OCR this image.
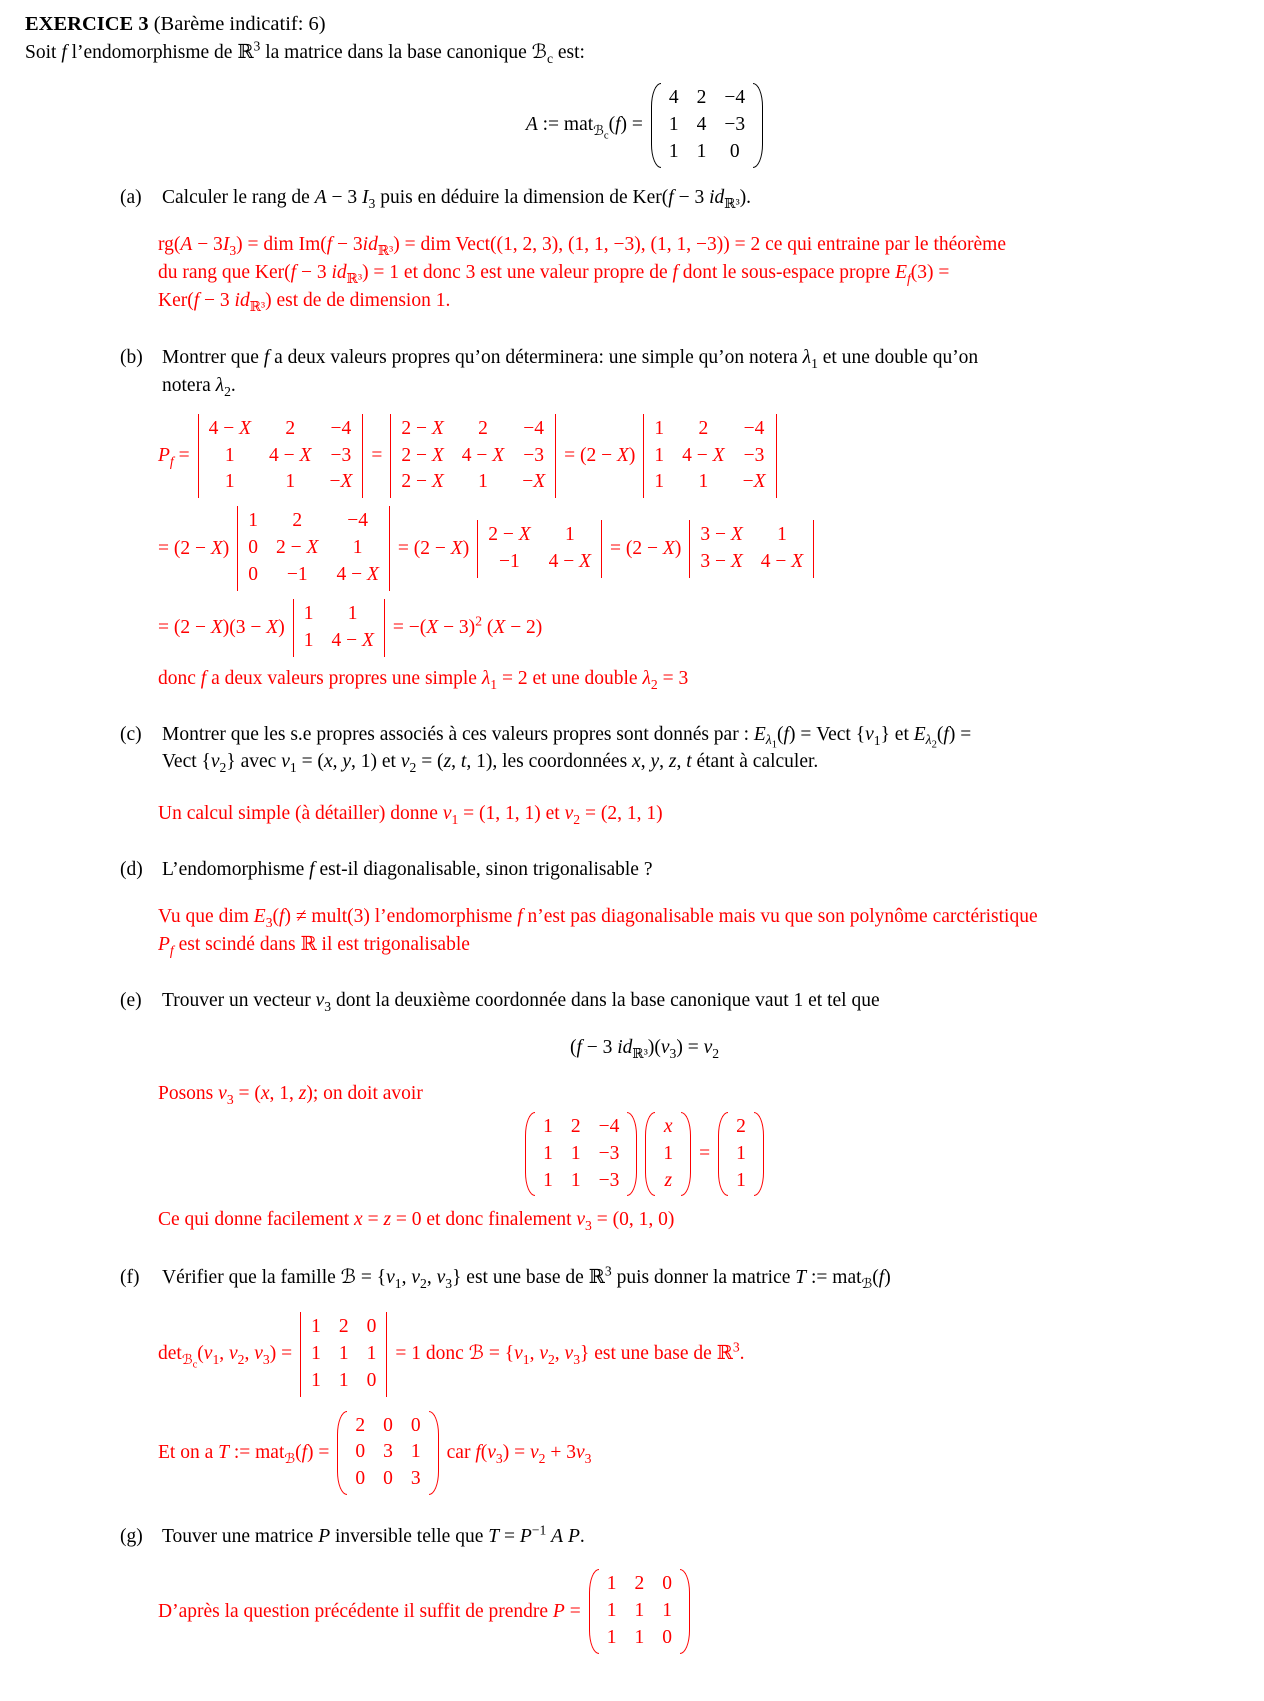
EXERCICE 3 (Barème indicatif: 6)
Soit f l’endomorphisme de ℝ$^3$ la matrice dans la base canonique ℬ$_c$ est:
A := mat$_{ℬ_c}$(f) =
4 2 −4
1 4 −3
1 1 0
(a)	Calculer le rang de A − 3 $I_3$ puis en déduire la dimension de Ker(f − 3 $id_{ℝ^3}$).
$rg(A - 3I_3)$ = dim $Im(f - 3id_{ℝ^3})$ = dim Vect((1, 2, 3), (1, 1, −3), (1, 1, −3)) = 2 ce qui entraine par le théorème
du rang que Ker(f − 3 $id_{ℝ^3}) = 1$ et donc 3 est une valeur propre de f dont le sous-espace propre $E_f(3)$ =
Ker(f − 3 $id_{ℝ^3}$) est de de dimension 1.
(b) Montrer que f a deux valeurs propres qu’on déterminera: une simple qu’on notera $\lambda_1$ et une double qu’on
notera $\lambda_2$.
$P_f$ =
4 − X 2 −4
1 4 − X −3
1	1 −X
=
2 − X 2 −4
2 − X 4 − X −3
2 − X 1 −X
= (2 − X)
1 2 −4
1 4 − X −3
1 1 −X
= (2 − X)
1 2 −4
0 2 − X 1
0 −1 4 − X
= (2 − X)
2 − X 1
−1 4 − X
= (2 − X)
3 − X 1
3 − X 4 − X
= (2 − X)(3 − X)
1 1
1 4 − X
= $-(X - 3)^2$ (X − 2)
donc f a deux valeurs propres une simple $\lambda_1 = 2$ et une double $\lambda_2 = 3$
(c)	Montrer que les s.e propres associés à ces valeurs propres sont donnés par : $E_{\lambda_1}(f)$ = Vect $\{v_1\}$ et $E_{\lambda_2}(f)$ =
Vect $\{v_2\}$ avec $v_1 = (x$, y, 1) et $v_2 = (z$, t, 1), les coordonnées x, y, z, t étant à calculer.
Un calcul simple (à détailler) donne $v_1 = (1$, 1, 1) et $v_2 = (2$, 1, 1)
(d) L’endomorphisme f est-il diagonalisable, sinon trigonalisable ?
Vu que dim $E_3(f)$ ≠ mult(3) l’endomorphisme f n’est pas diagonalisable mais vu que son polynôme carctéristique
$P_f$ est scindé dans ℝ il est trigonalisable
(e)	Trouver un vecteur $v_3$ dont la deuxième coordonnée dans la base canonique vaut 1 et tel que
(f − 3 $id_{ℝ^3})(v_3) = v_2$
Posons $v_3 = (x$, 1, z); on doit avoir
1 2 −4
1 1 −3
1 1 −3
x
1
z
=
2
1
1
Ce qui donne facilement x = z = 0 et donc finalement $v_3 = (0$, 1, 0)
(f)	Vérifier que la famille ℬ = {$v_1$, $v_2$, $v_3$} est une base de ℝ$^3$ puis donner la matrice T := mat$_ℬ$(f)
$\det_{ℬ_c}(v_1$, $v_2$, $v_3$) =
1 2 0
1 1 1
1 1 0
= 1 donc ℬ = {$v_1$, $v_2$, $v_3$} est une base de ℝ$^3$.
Et on a T := mat$_ℬ$(f) =
2 0 0
0 3 1
0 0 3
car $f(v_3) = v_2 + 3v_3$
(g) Touver une matrice P inversible telle que $T = P^{-1}$ A P.
D’après la question précédente il suffit de prendre P =
1 2 0
1 1 1
1 1 0
